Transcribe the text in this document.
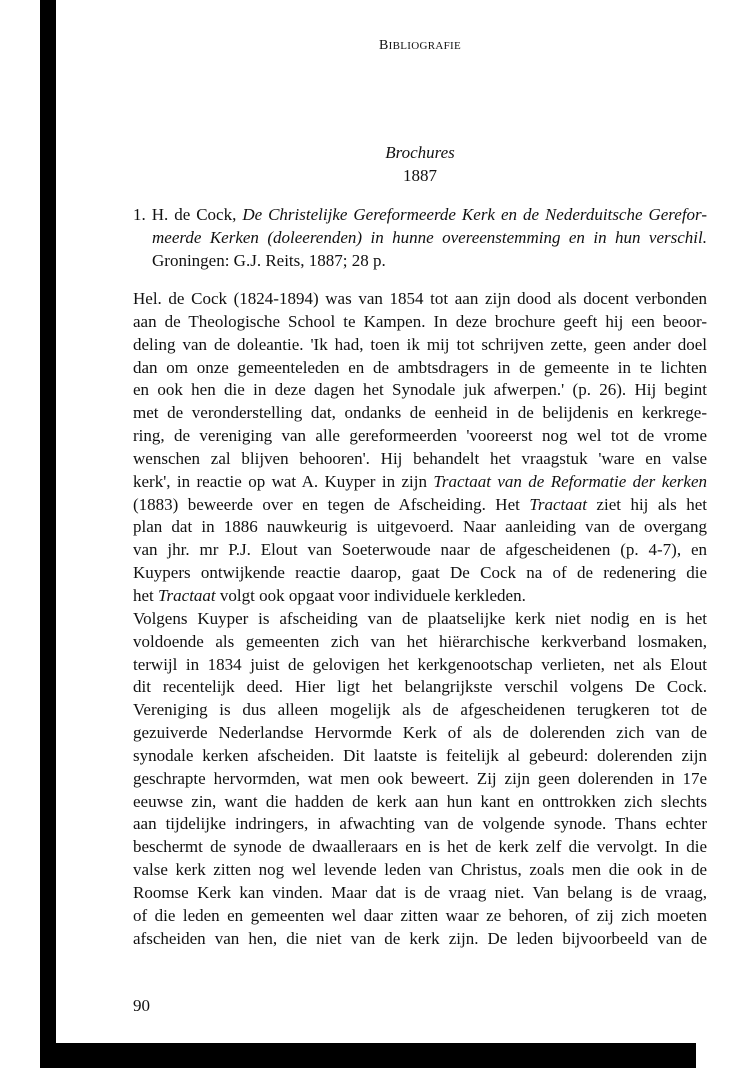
BIBLIOGRAFIE
Brochures
1887
1. H. de Cock, De Christelijke Gereformeerde Kerk en de Nederduitsche Gerefor-
meerde Kerken (doleerenden) in hunne overeenstemming en in hun verschil.
Groningen: G.J. Reits, 1887; 28 p.
Hel. de Cock (1824-1894) was van 1854 tot aan zijn dood als docent verbonden
aan de Theologische School te Kampen. In deze brochure geeft hij een beoor-
deling van de doleantie. 'Ik had, toen ik mij tot schrijven zette, geen ander doel
dan om onze gemeenteleden en de ambtsdragers in de gemeente in te lichten
en ook hen die in deze dagen het Synodale juk afwerpen.' (p. 26). Hij begint
met de veronderstelling dat, ondanks de eenheid in de belijdenis en kerkrege-
ring, de vereniging van alle gereformeerden 'vooreerst nog wel tot de vrome
wenschen zal blijven behooren'. Hij behandelt het vraagstuk 'ware en valse
kerk', in reactie op wat A. Kuyper in zijn Tractaat van de Reformatie der kerken
(1883) beweerde over en tegen de Afscheiding. Het Tractaat ziet hij als het
plan dat in 1886 nauwkeurig is uitgevoerd. Naar aanleiding van de overgang
van jhr. mr P.J. Elout van Soeterwoude naar de afgescheidenen (p. 4-7), en
Kuypers ontwijkende reactie daarop, gaat De Cock na of de redenering die
het Tractaat volgt ook opgaat voor individuele kerkleden.
Volgens Kuyper is afscheiding van de plaatselijke kerk niet nodig en is het
voldoende als gemeenten zich van het hiërarchische kerkverband losmaken,
terwijl in 1834 juist de gelovigen het kerkgenootschap verlieten, net als Elout
dit recentelijk deed. Hier ligt het belangrijkste verschil volgens De Cock.
Vereniging is dus alleen mogelijk als de afgescheidenen terugkeren tot de
gezuiverde Nederlandse Hervormde Kerk of als de dolerenden zich van de
synodale kerken afscheiden. Dit laatste is feitelijk al gebeurd: dolerenden zijn
geschrapte hervormden, wat men ook beweert. Zij zijn geen dolerenden in 17e
eeuwse zin, want die hadden de kerk aan hun kant en onttrokken zich slechts
aan tijdelijke indringers, in afwachting van de volgende synode. Thans echter
beschermt de synode de dwaalleraars en is het de kerk zelf die vervolgt. In die
valse kerk zitten nog wel levende leden van Christus, zoals men die ook in de
Roomse Kerk kan vinden. Maar dat is de vraag niet. Van belang is de vraag,
of die leden en gemeenten wel daar zitten waar ze behoren, of zij zich moeten
afscheiden van hen, die niet van de kerk zijn. De leden bijvoorbeeld van de
90
